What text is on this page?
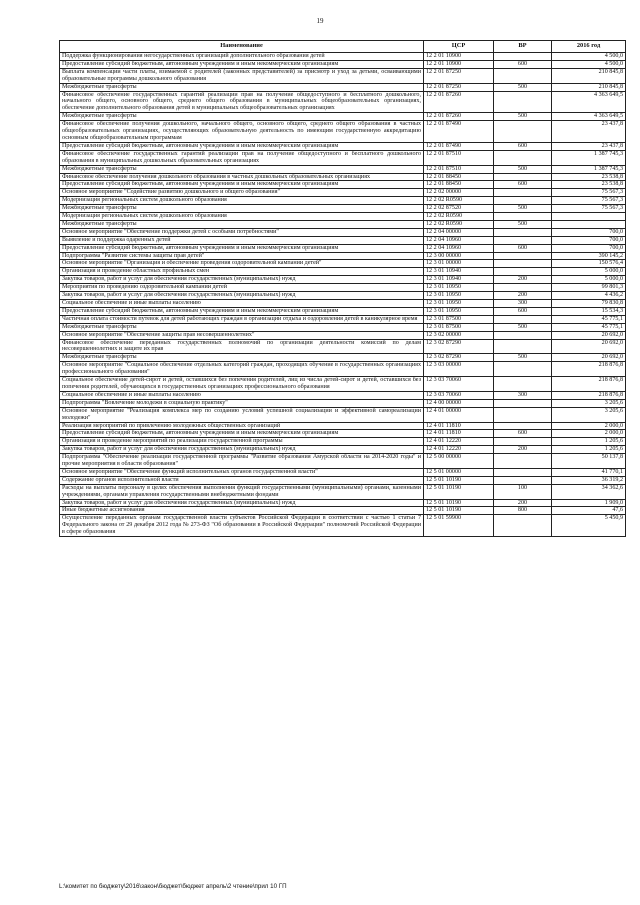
19
Наименование	ЦСР	ВР	2016 год
Поддержка функционирования негосударственных организаций дополнительного образования детей	12 2 01 10900		4 500,0
Предоставление субсидий бюджетным, автономным учреждениям и иным некоммерческим организациям	12 2 01 10900	600	4 500,0
Выплата компенсации части платы, взимаемой с родителей (законных представителей) за присмотр и уход за детьми, осваивающими образовательные программы дошкольного образования	12 2 01 87250		210 845,8
Межбюджетные трансферты	12 2 01 87250	500	210 845,8
Финансовое обеспечение государственных гарантий реализации прав на получение общедоступного и бесплатного дошкольного, начального общего, основного общего, среднего общего образования в муниципальных общеобразовательных организациях, обеспечение дополнительного образования детей в муниципальных общеобразовательных организациях	12 2 01 87260		4 363 649,5
Межбюджетные трансферты	12 2 01 87260	500	4 363 649,5
Финансовое обеспечение получения дошкольного, начального общего, основного общего, среднего общего образования в частных общеобразовательных организациях, осуществляющих образовательную деятельность по имеющим государственную аккредитацию основным общеобразовательным программам	12 2 01 87490		23 437,8
Предоставление субсидий бюджетным, автономным учреждениям и иным некоммерческим организациям	12 2 01 87490	600	23 437,8
Финансовое обеспечение государственных гарантий реализации прав на получение общедоступного и бесплатного дошкольного образования в муниципальных дошкольных образовательных организациях	12 2 01 87510		1 387 745,3
Межбюджетные трансферты	12 2 01 87510	500	1 387 745,3
Финансовое обеспечение получения дошкольного образования в частных дошкольных образовательных организациях	12 2 01 88450		23 538,8
Предоставление субсидий бюджетным, автономным учреждениям и иным некоммерческим организациям	12 2 01 88450	600	23 538,8
Основное мероприятие "Содействие развитию дошкольного и общего образования"	12 2 02 00000		75 567,3
Модернизация региональных систем дошкольного образования	12 2 02 R0590		75 567,3
Межбюджетные трансферты	12 2 02 87520	500	75 567,3
Модернизация региональных систем дошкольного образования	12 2 02 R0590		
Межбюджетные трансферты	12 2 02 R0590	500	
Основное мероприятие "Обеспечение поддержки детей с особыми потребностями"	12 2 04 00000		700,0
Выявление и поддержка одаренных детей	12 2 04 10960		700,0
Предоставление субсидий бюджетным, автономным учреждениям и иным некоммерческим организациям	12 2 04 10960	600	700,0
Подпрограмма "Развитие системы защиты прав детей"	12 3 00 00000		390 145,2
Основное мероприятие "Организация и обеспечение проведения оздоровительной кампании детей"	12 3 01 00000		150 576,4
Организация и проведение областных профильных смен	12 3 01 10940		5 000,0
Закупка товаров, работ и услуг для обеспечения государственных (муниципальных) нужд	12 3 01 10940	200	5 000,0
Мероприятия по проведению оздоровительной кампании детей	12 3 01 10950		99 801,3
Закупка товаров, работ и услуг для обеспечения государственных (муниципальных) нужд	12 3 01 10950	200	4 436,2
Социальное обеспечение и иные выплаты населению	12 3 01 10950	300	79 830,8
Предоставление субсидий бюджетным, автономным учреждениям и иным некоммерческим организациям	12 3 01 10950	600	15 534,3
Частичная оплата стоимости путевок для детей работающих граждан в организации отдыха и оздоровления детей в каникулярное время	12 3 01 87500		45 775,1
Межбюджетные трансферты	12 3 01 87500	500	45 775,1
Основное мероприятие "Обеспечение защиты прав несовершеннолетних"	12 3 02 00000		20 692,0
Финансовое обеспечение переданных государственных полномочий по организации деятельности комиссий по делам несовершеннолетних и защите их прав	12 3 02 87290		20 692,0
Межбюджетные трансферты	12 3 02 87290	500	20 692,0
Основное мероприятие "Социальное обеспечение отдельных категорий граждан, проходящих обучение в государственных организациях профессионального образования"	12 3 03 00000		218 876,8
Социальное обеспечение детей-сирот и детей, оставшихся без попечения родителей, лиц из числа детей-сирот и детей, оставшихся без попечения родителей, обучающихся в государственных организациях профессионального образования	12 3 03 70060		218 876,8
Социальное обеспечение и иные выплаты населению	12 3 03 70060	300	218 876,8
Подпрограмма "Вовлечение молодежи в социальную практику"	12 4 00 00000		3 205,6
Основное мероприятие "Реализация комплекса мер по созданию условий успешной социализации и эффективной самореализации молодежи"	12 4 01 00000		3 205,6
Реализация мероприятий по привлечению молодежных общественных организаций	12 4 01 11810		2 000,0
Предоставление субсидий бюджетным, автономным учреждениям и иным некоммерческим организациям	12 4 01 11810	600	2 000,0
Организация и проведение мероприятий по реализации государственной программы	12 4 01 12220		1 205,6
Закупка товаров, работ и услуг для обеспечения государственных (муниципальных) нужд	12 4 01 12220	200	1 205,6
Подпрограмма "Обеспечение реализации государственной программы "Развитие образования Амурской области на 2014-2020 годы" и прочие мероприятия в области образования"	12 5 00 00000		50 137,8
Основное мероприятие "Обеспечение функций исполнительных органов государственной власти"	12 5 01 00000		41 770,1
Содержание органов исполнительной власти	12 5 01 10190		36 319,2
Расходы на выплаты персоналу в целях обеспечения выполнения функций государственными (муниципальными) органами, казенными учреждениями, органами управления государственными внебюджетными фондами	12 5 01 10190	100	34 362,6
Закупка товаров, работ и услуг для обеспечения государственных (муниципальных) нужд	12 5 01 10190	200	1 909,0
Иные бюджетные ассигнования	12 5 01 10190	800	47,6
Осуществление переданных органам государственной власти субъектов Российской Федерации в соответствии с частью 1 статьи 7 Федерального закона от 29 декабря 2012 года № 273-ФЗ "Об образовании в Российской Федерации" полномочий Российской Федерации в сфере образования	12 5 01 59900		5 450,9
L:\комитет по бюджету\2016\закон\бюджет\бюджет апрель\2 чтение\прил 10 ГП
